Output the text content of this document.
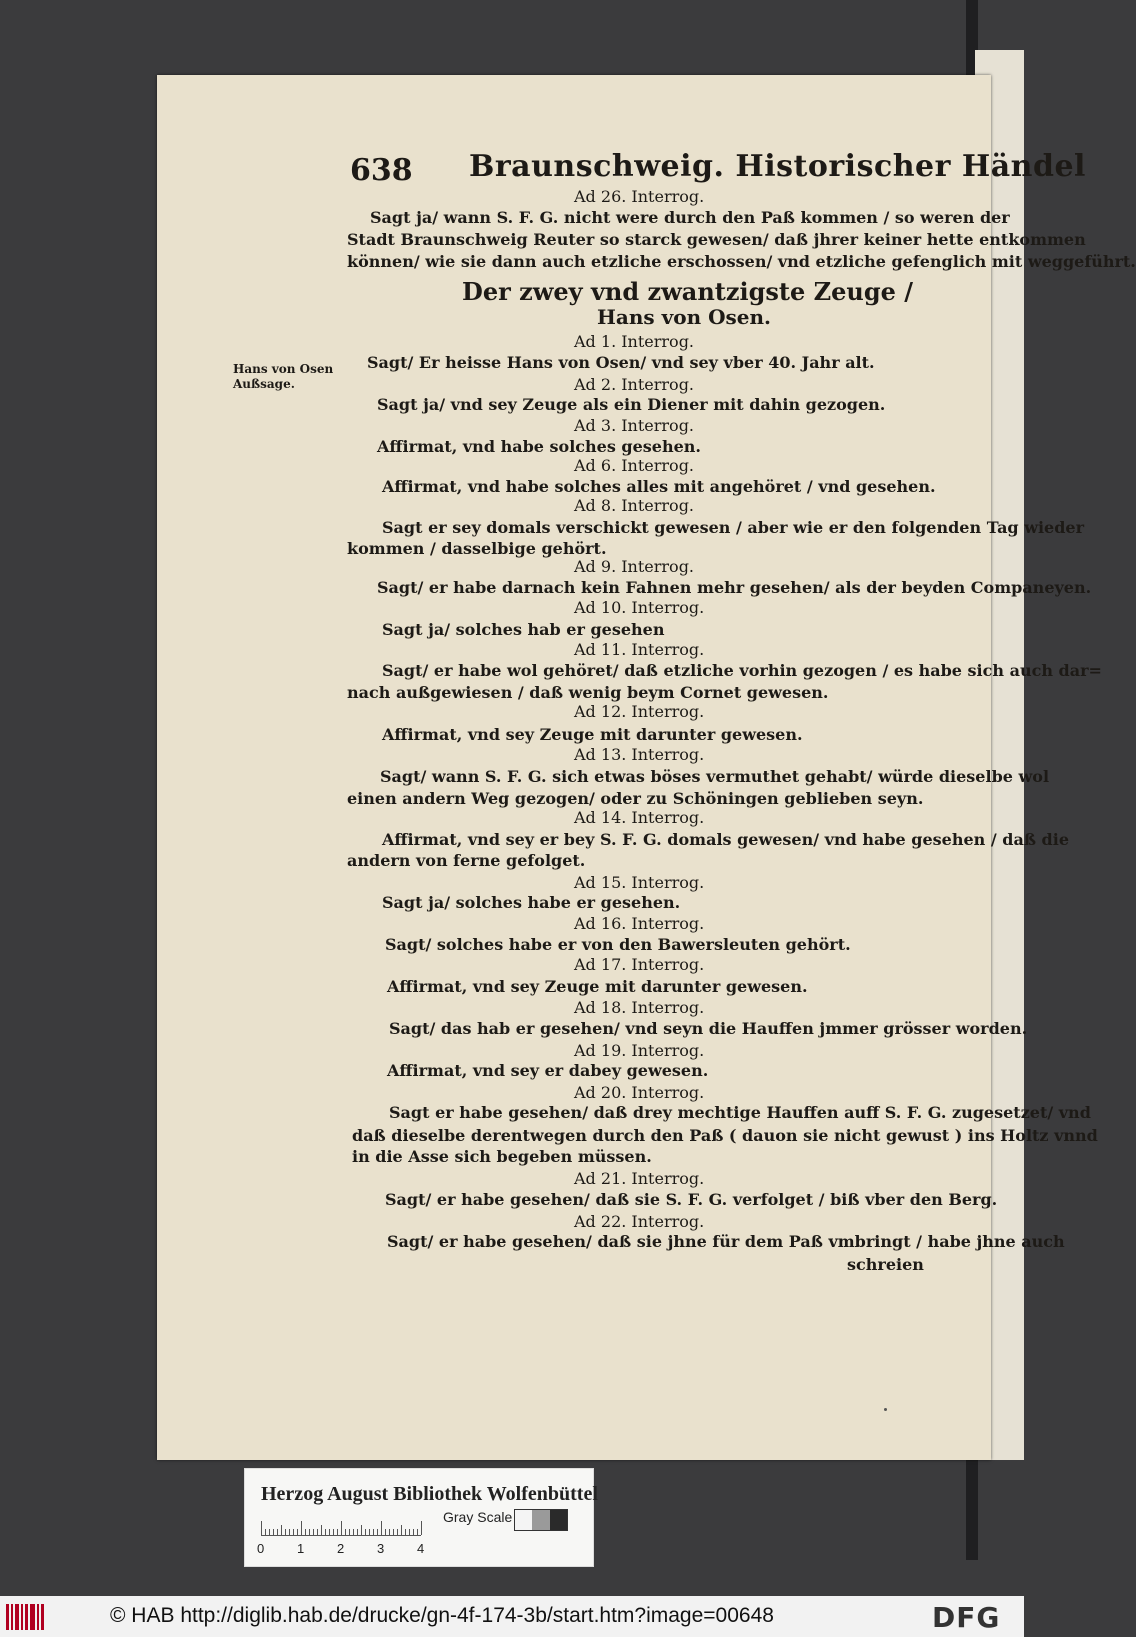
638 Braunschweig. Historischer Händel
Der zwey vnd zwantzigste Zeuge /
Hans von Osen.
Hans von Osen Außsage.
Ad 26. Interrog.
Sagt ja/ wann S. F. G. nicht were durch den Paß kommen / so weren der
Stadt Braunschweig Reuter so starck gewesen/ daß jhrer keiner hette entkommen
können/ wie sie dann auch etzliche erschossen/ vnd etzliche gefenglich mit weggeführt.
Ad 1. Interrog.
Sagt/ Er heisse Hans von Osen/ vnd sey vber 40. Jahr alt.
Ad 2. Interrog.
Sagt ja/ vnd sey Zeuge als ein Diener mit dahin gezogen.
Ad 3. Interrog.
Affirmat, vnd habe solches gesehen.
Ad 6. Interrog.
Affirmat, vnd habe solches alles mit angehöret / vnd gesehen.
Ad 8. Interrog.
Sagt er sey domals verschickt gewesen / aber wie er den folgenden Tag wieder
kommen / dasselbige gehört.
Ad 9. Interrog.
Sagt/ er habe darnach kein Fahnen mehr gesehen/ als der beyden Companeyen.
Ad 10. Interrog.
Sagt ja/ solches hab er gesehen
Ad 11. Interrog.
Sagt/ er habe wol gehöret/ daß etzliche vorhin gezogen / es habe sich auch dar=
nach außgewiesen / daß wenig beym Cornet gewesen.
Ad 12. Interrog.
Affirmat, vnd sey Zeuge mit darunter gewesen.
Ad 13. Interrog.
Sagt/ wann S. F. G. sich etwas böses vermuthet gehabt/ würde dieselbe wol
einen andern Weg gezogen/ oder zu Schöningen geblieben seyn.
Ad 14. Interrog.
Affirmat, vnd sey er bey S. F. G. domals gewesen/ vnd habe gesehen / daß die
andern von ferne gefolget.
Ad 15. Interrog.
Sagt ja/ solches habe er gesehen.
Ad 16. Interrog.
Sagt/ solches habe er von den Bawersleuten gehört.
Ad 17. Interrog.
Affirmat, vnd sey Zeuge mit darunter gewesen.
Ad 18. Interrog.
Sagt/ das hab er gesehen/ vnd seyn die Hauffen jmmer grösser worden.
Ad 19. Interrog.
Affirmat, vnd sey er dabey gewesen.
Ad 20. Interrog.
Sagt er habe gesehen/ daß drey mechtige Hauffen auff S. F. G. zugesetzet/ vnd
daß dieselbe derentwegen durch den Paß ( dauon sie nicht gewust ) ins Holtz vnnd
in die Asse sich begeben müssen.
Ad 21. Interrog.
Sagt/ er habe gesehen/ daß sie S. F. G. verfolget / biß vber den Berg.
Ad 22. Interrog.
Sagt/ er habe gesehen/ daß sie jhne für dem Paß vmbringt / habe jhne auch
schreien
Herzog August Bibliothek Wolfenbüttel
0	1	2	3	4
Gray Scale
© HAB http://diglib.hab.de/drucke/gn-4f-174-3b/start.htm?image=00648	DFG
